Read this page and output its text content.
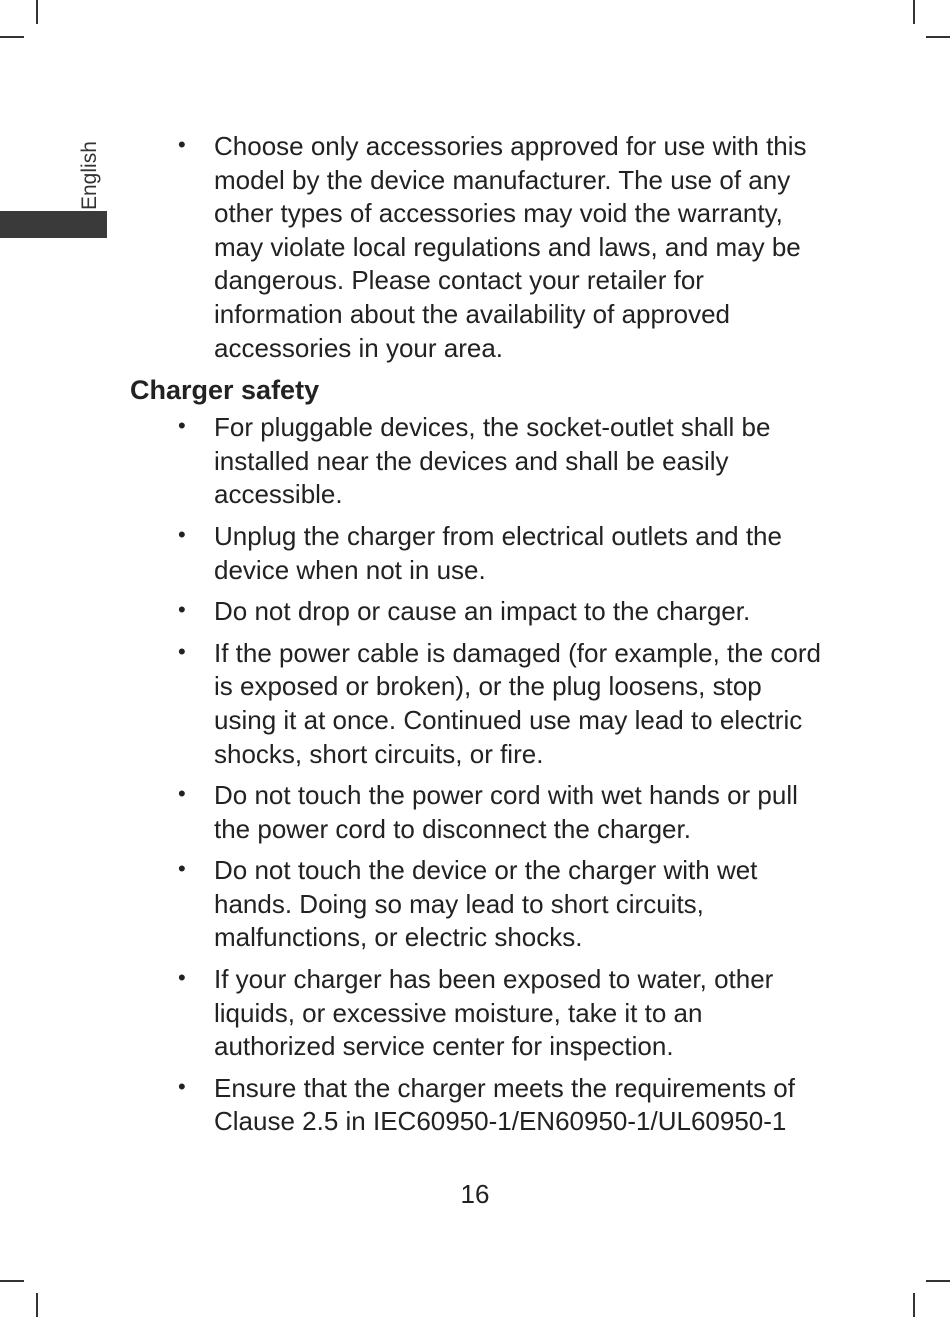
English	• Choose only accessories approved for use with this model by the device manufacturer. The use of any other types of accessories may void the warranty, may violate local regulations and laws, and may be dangerous. Please contact your retailer for information about the availability of approved accessories in your area.
Charger safety
• For pluggable devices, the socket-outlet shall be installed near the devices and shall be easily accessible.
• Unplug the charger from electrical outlets and the device when not in use.
• Do not drop or cause an impact to the charger.
• If the power cable is damaged (for example, the cord is exposed or broken), or the plug loosens, stop using it at once. Continued use may lead to electric shocks, short circuits, or fire.
• Do not touch the power cord with wet hands or pull the power cord to disconnect the charger.
• Do not touch the device or the charger with wet hands. Doing so may lead to short circuits, malfunctions, or electric shocks.
• If your charger has been exposed to water, other liquids, or excessive moisture, take it to an authorized service center for inspection.
• Ensure that the charger meets the requirements of Clause 2.5 in IEC60950-1/EN60950-1/UL60950-1
16
